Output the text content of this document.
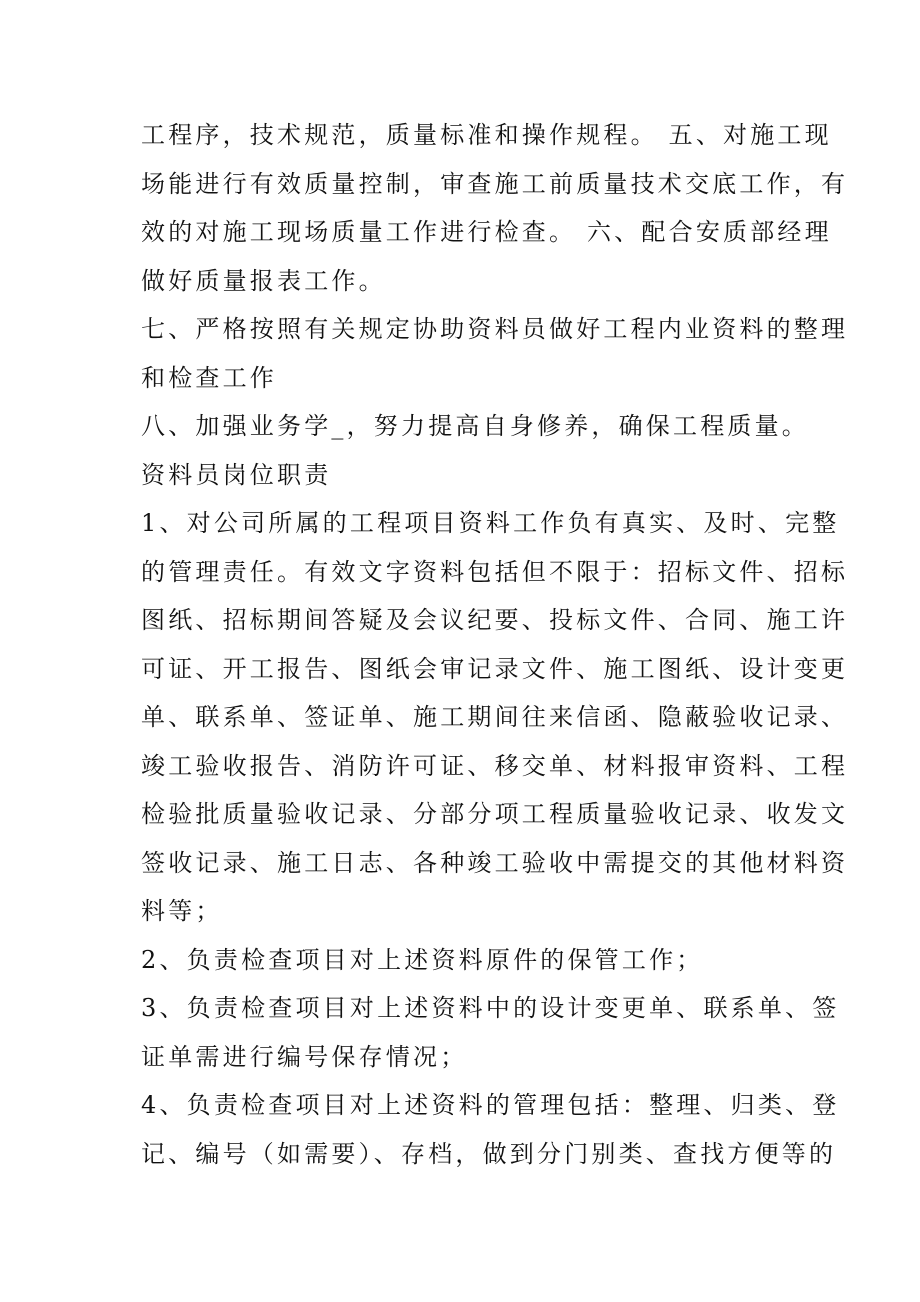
工程序，技术规范，质量标准和操作规程。 五、对施工现
场能进行有效质量控制，审查施工前质量技术交底工作，有
效的对施工现场质量工作进行检查。 六、配合安质部经理
做好质量报表工作。
七、严格按照有关规定协助资料员做好工程内业资料的整理
和检查工作
八、加强业务学_，努力提高自身修养，确保工程质量。
资料员岗位职责
1、对公司所属的工程项目资料工作负有真实、及时、完整
的管理责任。有效文字资料包括但不限于：招标文件、招标
图纸、招标期间答疑及会议纪要、投标文件、合同、施工许
可证、开工报告、图纸会审记录文件、施工图纸、设计变更
单、联系单、签证单、施工期间往来信函、隐蔽验收记录、
竣工验收报告、消防许可证、移交单、材料报审资料、工程
检验批质量验收记录、分部分项工程质量验收记录、收发文
签收记录、施工日志、各种竣工验收中需提交的其他材料资
料等；
2、负责检查项目对上述资料原件的保管工作；
3、负责检查项目对上述资料中的设计变更单、联系单、签
证单需进行编号保存情况；
4、负责检查项目对上述资料的管理包括：整理、归类、登
记、编号（如需要）、存档，做到分门别类、查找方便等的
